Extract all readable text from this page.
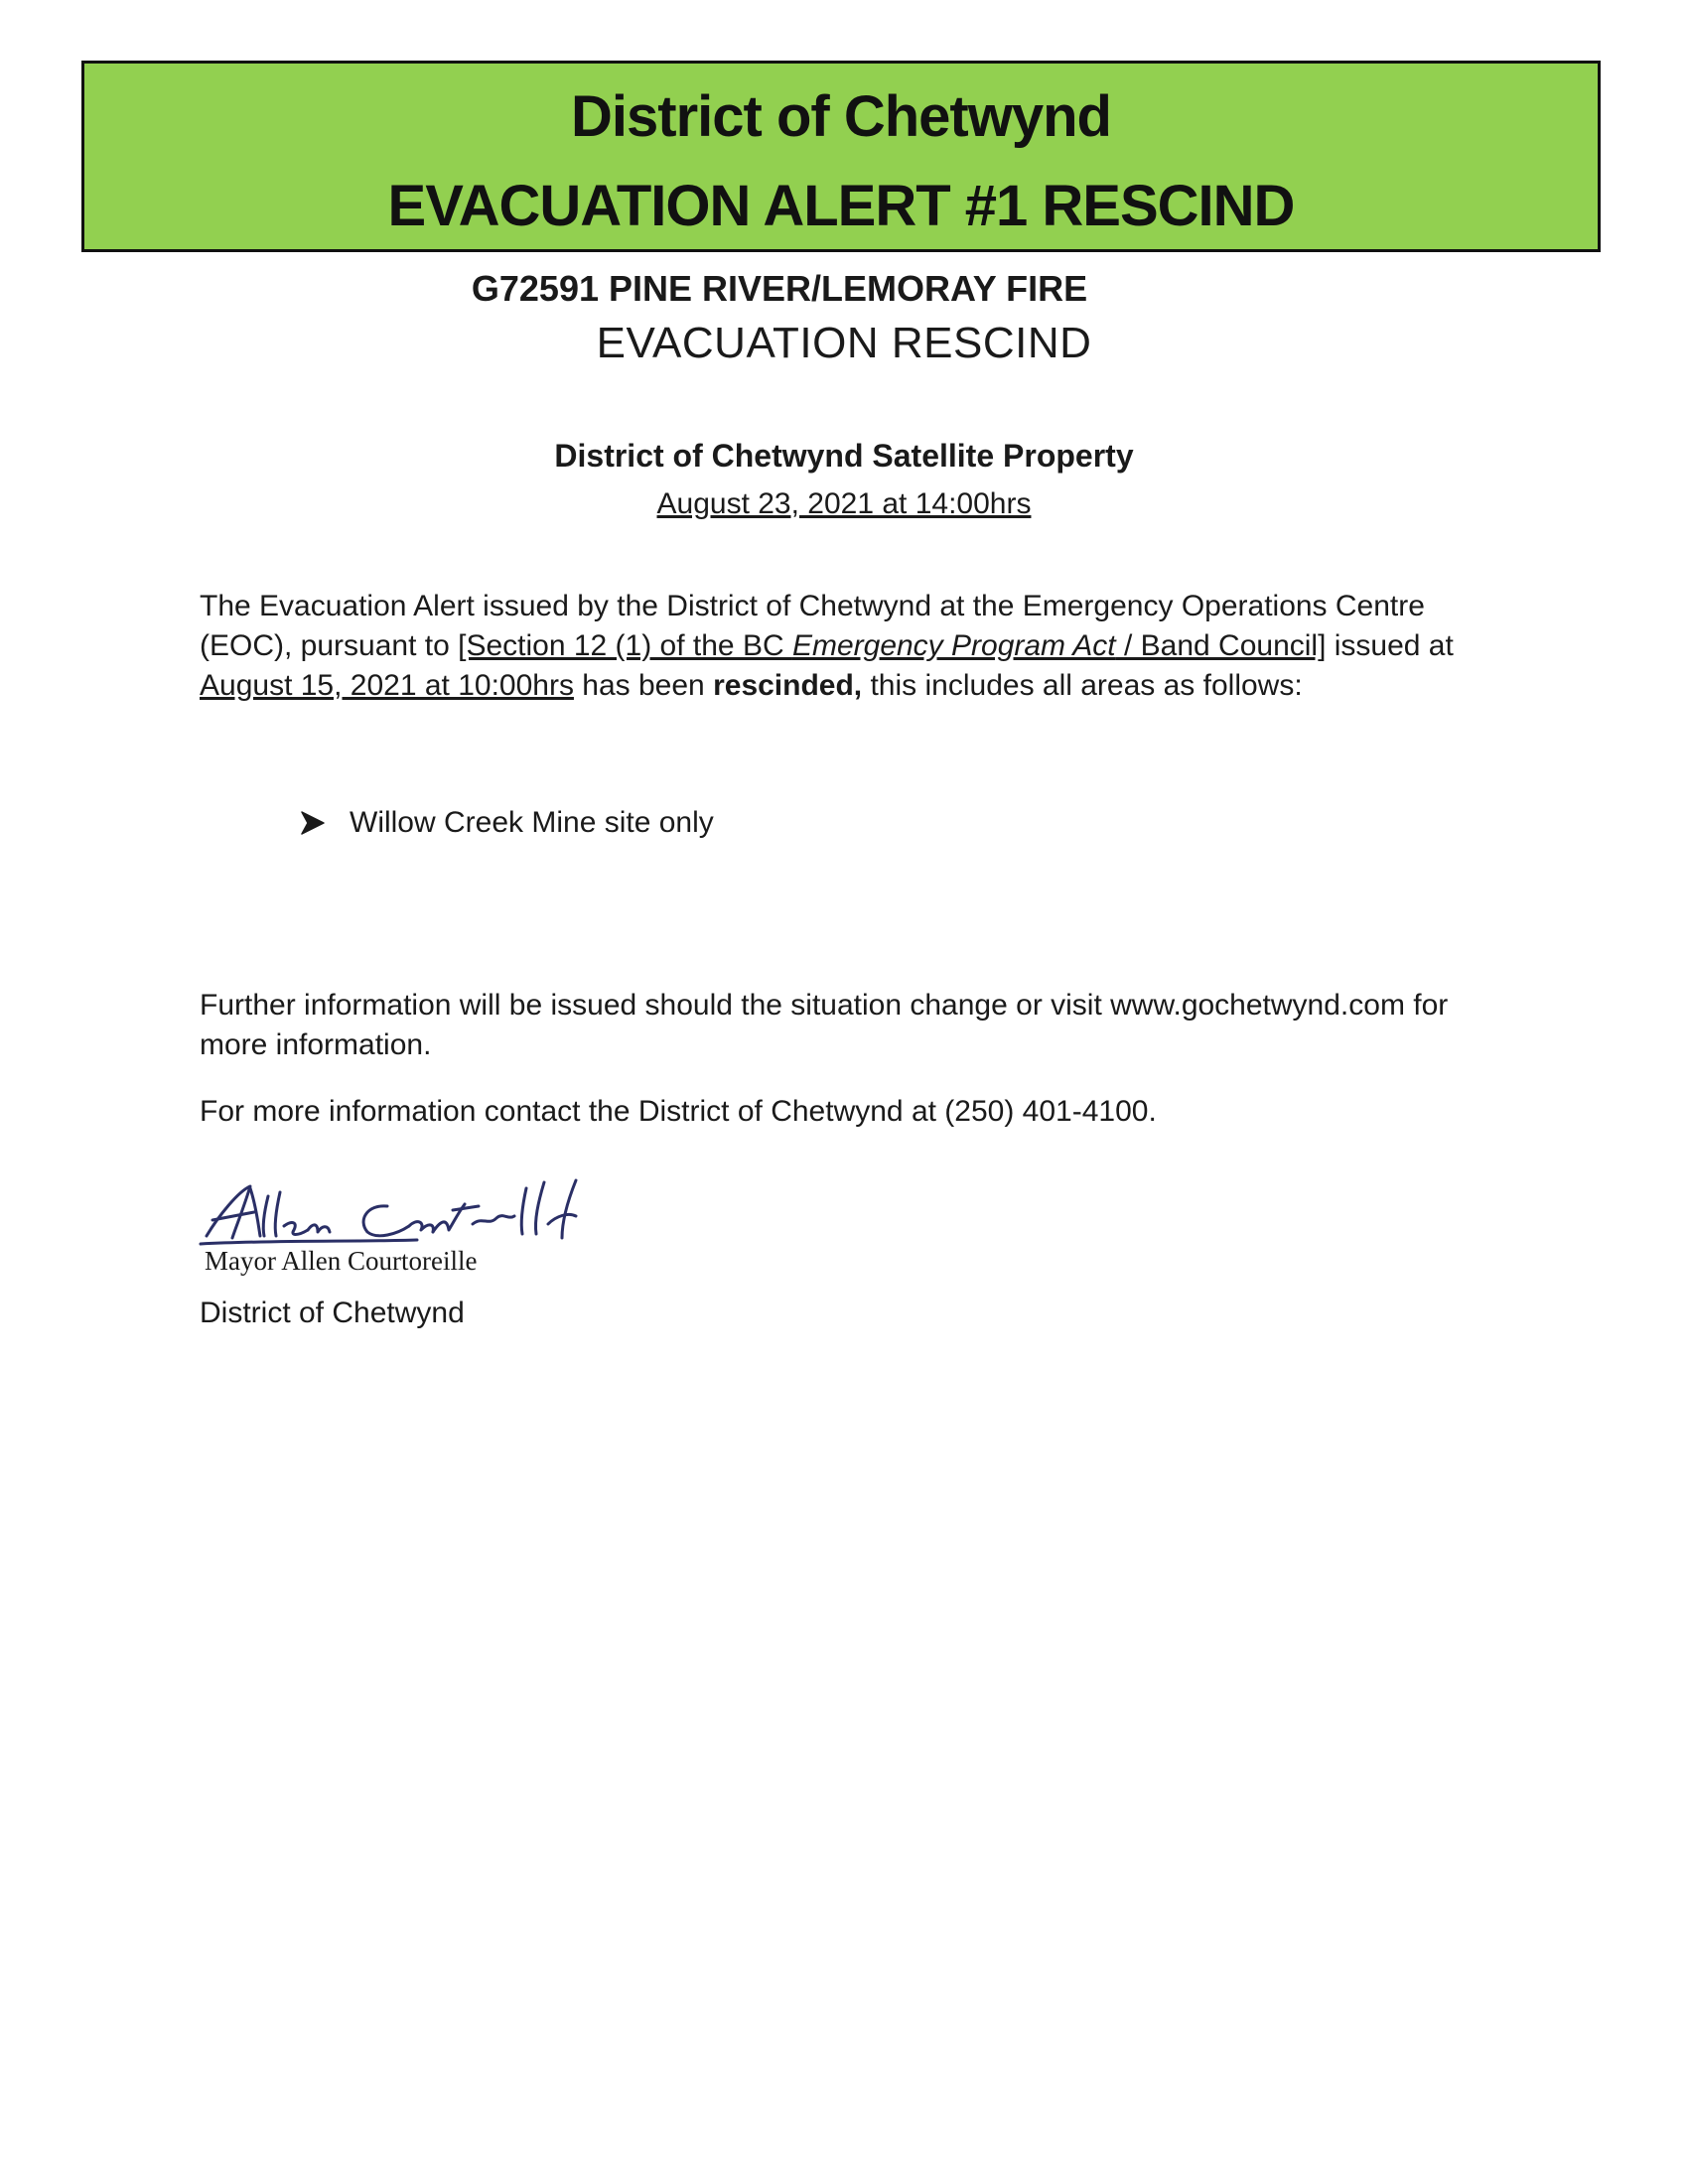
District of Chetwynd
EVACUATION ALERT #1 RESCIND
G72591 PINE RIVER/LEMORAY FIRE
EVACUATION RESCIND
District of Chetwynd Satellite Property
August 23, 2021 at 14:00hrs
The Evacuation Alert issued by the District of Chetwynd at the Emergency Operations Centre (EOC), pursuant to [Section 12 (1) of the BC Emergency Program Act / Band Council] issued at August 15, 2021 at 10:00hrs has been rescinded, this includes all areas as follows:
Willow Creek Mine site only
Further information will be issued should the situation change or visit www.gochetwynd.com for more information.
For more information contact the District of Chetwynd at (250) 401-4100.
Mayor Allen Courtoreille
District of Chetwynd
